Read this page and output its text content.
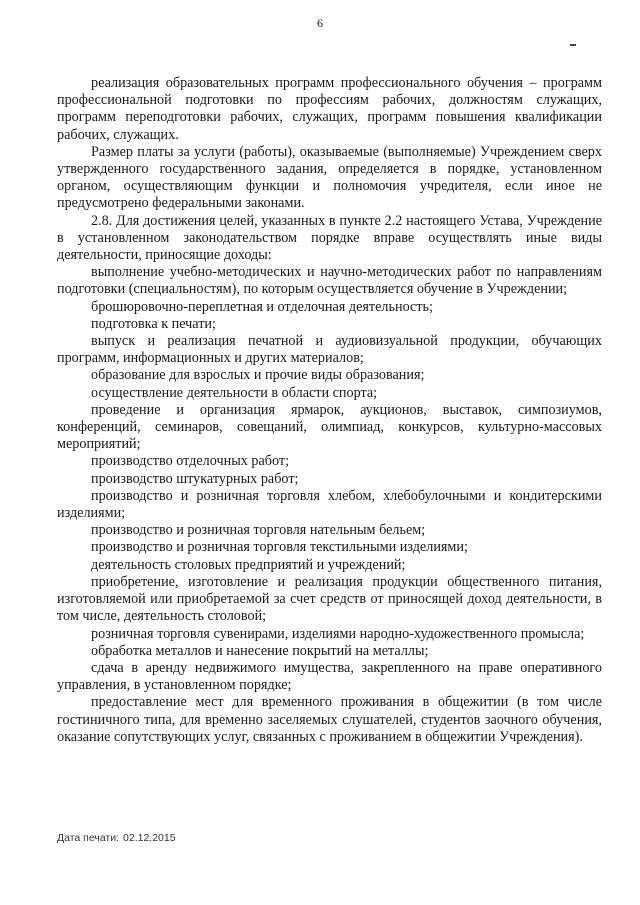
6

реализация образовательных программ профессионального обучения – программ профессиональной подготовки по профессиям рабочих, должностям служащих, программ переподготовки рабочих, служащих, программ повышения квалификации рабочих, служащих.

Размер платы за услуги (работы), оказываемые (выполняемые) Учреждением сверх утвержденного государственного задания, определяется в порядке, установленном органом, осуществляющим функции и полномочия учредителя, если иное не предусмотрено федеральными законами.

2.8. Для достижения целей, указанных в пункте 2.2 настоящего Устава, Учреждение в установленном законодательством порядке вправе осуществлять иные виды деятельности, приносящие доходы:

выполнение учебно-методических и научно-методических работ по направлениям подготовки (специальностям), по которым осуществляется обучение в Учреждении;

брошюровочно-переплетная и отделочная деятельность;

подготовка к печати;

выпуск и реализация печатной и аудиовизуальной продукции, обучающих программ, информационных и других материалов;

образование для взрослых и прочие виды образования;

осуществление деятельности в области спорта;

проведение и организация ярмарок, аукционов, выставок, симпозиумов, конференций, семинаров, совещаний, олимпиад, конкурсов, культурно-массовых мероприятий;

производство отделочных работ;

производство штукатурных работ;

производство и розничная торговля хлебом, хлебобулочными и кондитерскими изделиями;

производство и розничная торговля нательным бельем;

производство и розничная торговля текстильными изделиями;

деятельность столовых предприятий и учреждений;

приобретение, изготовление и реализация продукции общественного питания, изготовляемой или приобретаемой за счет средств от приносящей доход деятельности, в том числе, деятельность столовой;

розничная торговля сувенирами, изделиями народно-художественного промысла;

обработка металлов и нанесение покрытий на металлы;

сдача в аренду недвижимого имущества, закрепленного на праве оперативного управления, в установленном порядке;

предоставление мест для временного проживания в общежитии (в том числе гостиничного типа, для временно заселяемых слушателей, студентов заочного обучения, оказание сопутствующих услуг, связанных с проживанием в общежитии Учреждения).

Дата печати: 02.12.2015
